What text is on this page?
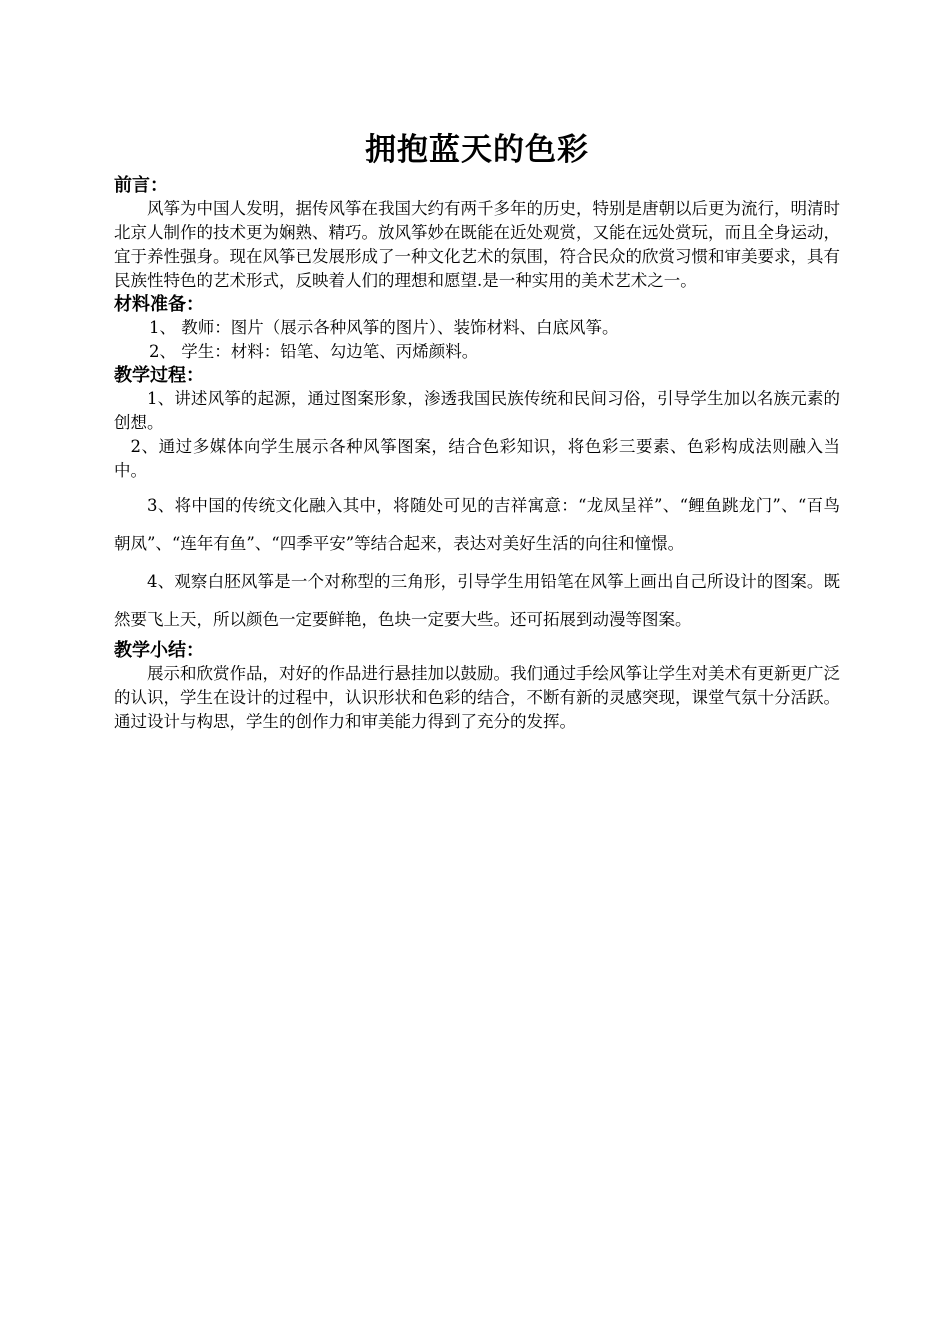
拥抱蓝天的色彩
前言：

风筝为中国人发明，据传风筝在我国大约有两千多年的历史，特别是唐朝以后更为流行，明清时北京人制作的技术更为娴熟、精巧。放风筝妙在既能在近处观赏，又能在远处赏玩，而且全身运动，宜于养性强身。现在风筝已发展形成了一种文化艺术的氛围，符合民众的欣赏习惯和审美要求，具有民族性特色的艺术形式，反映着人们的理想和愿望.是一种实用的美术艺术之一。

材料准备：

1、 教师：图片（展示各种风筝的图片）、装饰材料、白底风筝。

2、 学生：材料：铅笔、勾边笔、丙烯颜料。

教学过程：

1、讲述风筝的起源，通过图案形象，渗透我国民族传统和民间习俗，引导学生加以名族元素的创想。

2、通过多媒体向学生展示各种风筝图案，结合色彩知识，将色彩三要素、色彩构成法则融入当中。

3、将中国的传统文化融入其中，将随处可见的吉祥寓意：“龙凤呈祥”、“鲤鱼跳龙门”、“百鸟朝凤”、“连年有鱼”、“四季平安”等结合起来，表达对美好生活的向往和憧憬。

4、观察白胚风筝是一个对称型的三角形，引导学生用铅笔在风筝上画出自己所设计的图案。既然要飞上天，所以颜色一定要鲜艳，色块一定要大些。还可拓展到动漫等图案。

教学小结：

展示和欣赏作品，对好的作品进行悬挂加以鼓励。我们通过手绘风筝让学生对美术有更新更广泛的认识，学生在设计的过程中，认识形状和色彩的结合，不断有新的灵感突现，课堂气氛十分活跃。通过设计与构思，学生的创作力和审美能力得到了充分的发挥。
